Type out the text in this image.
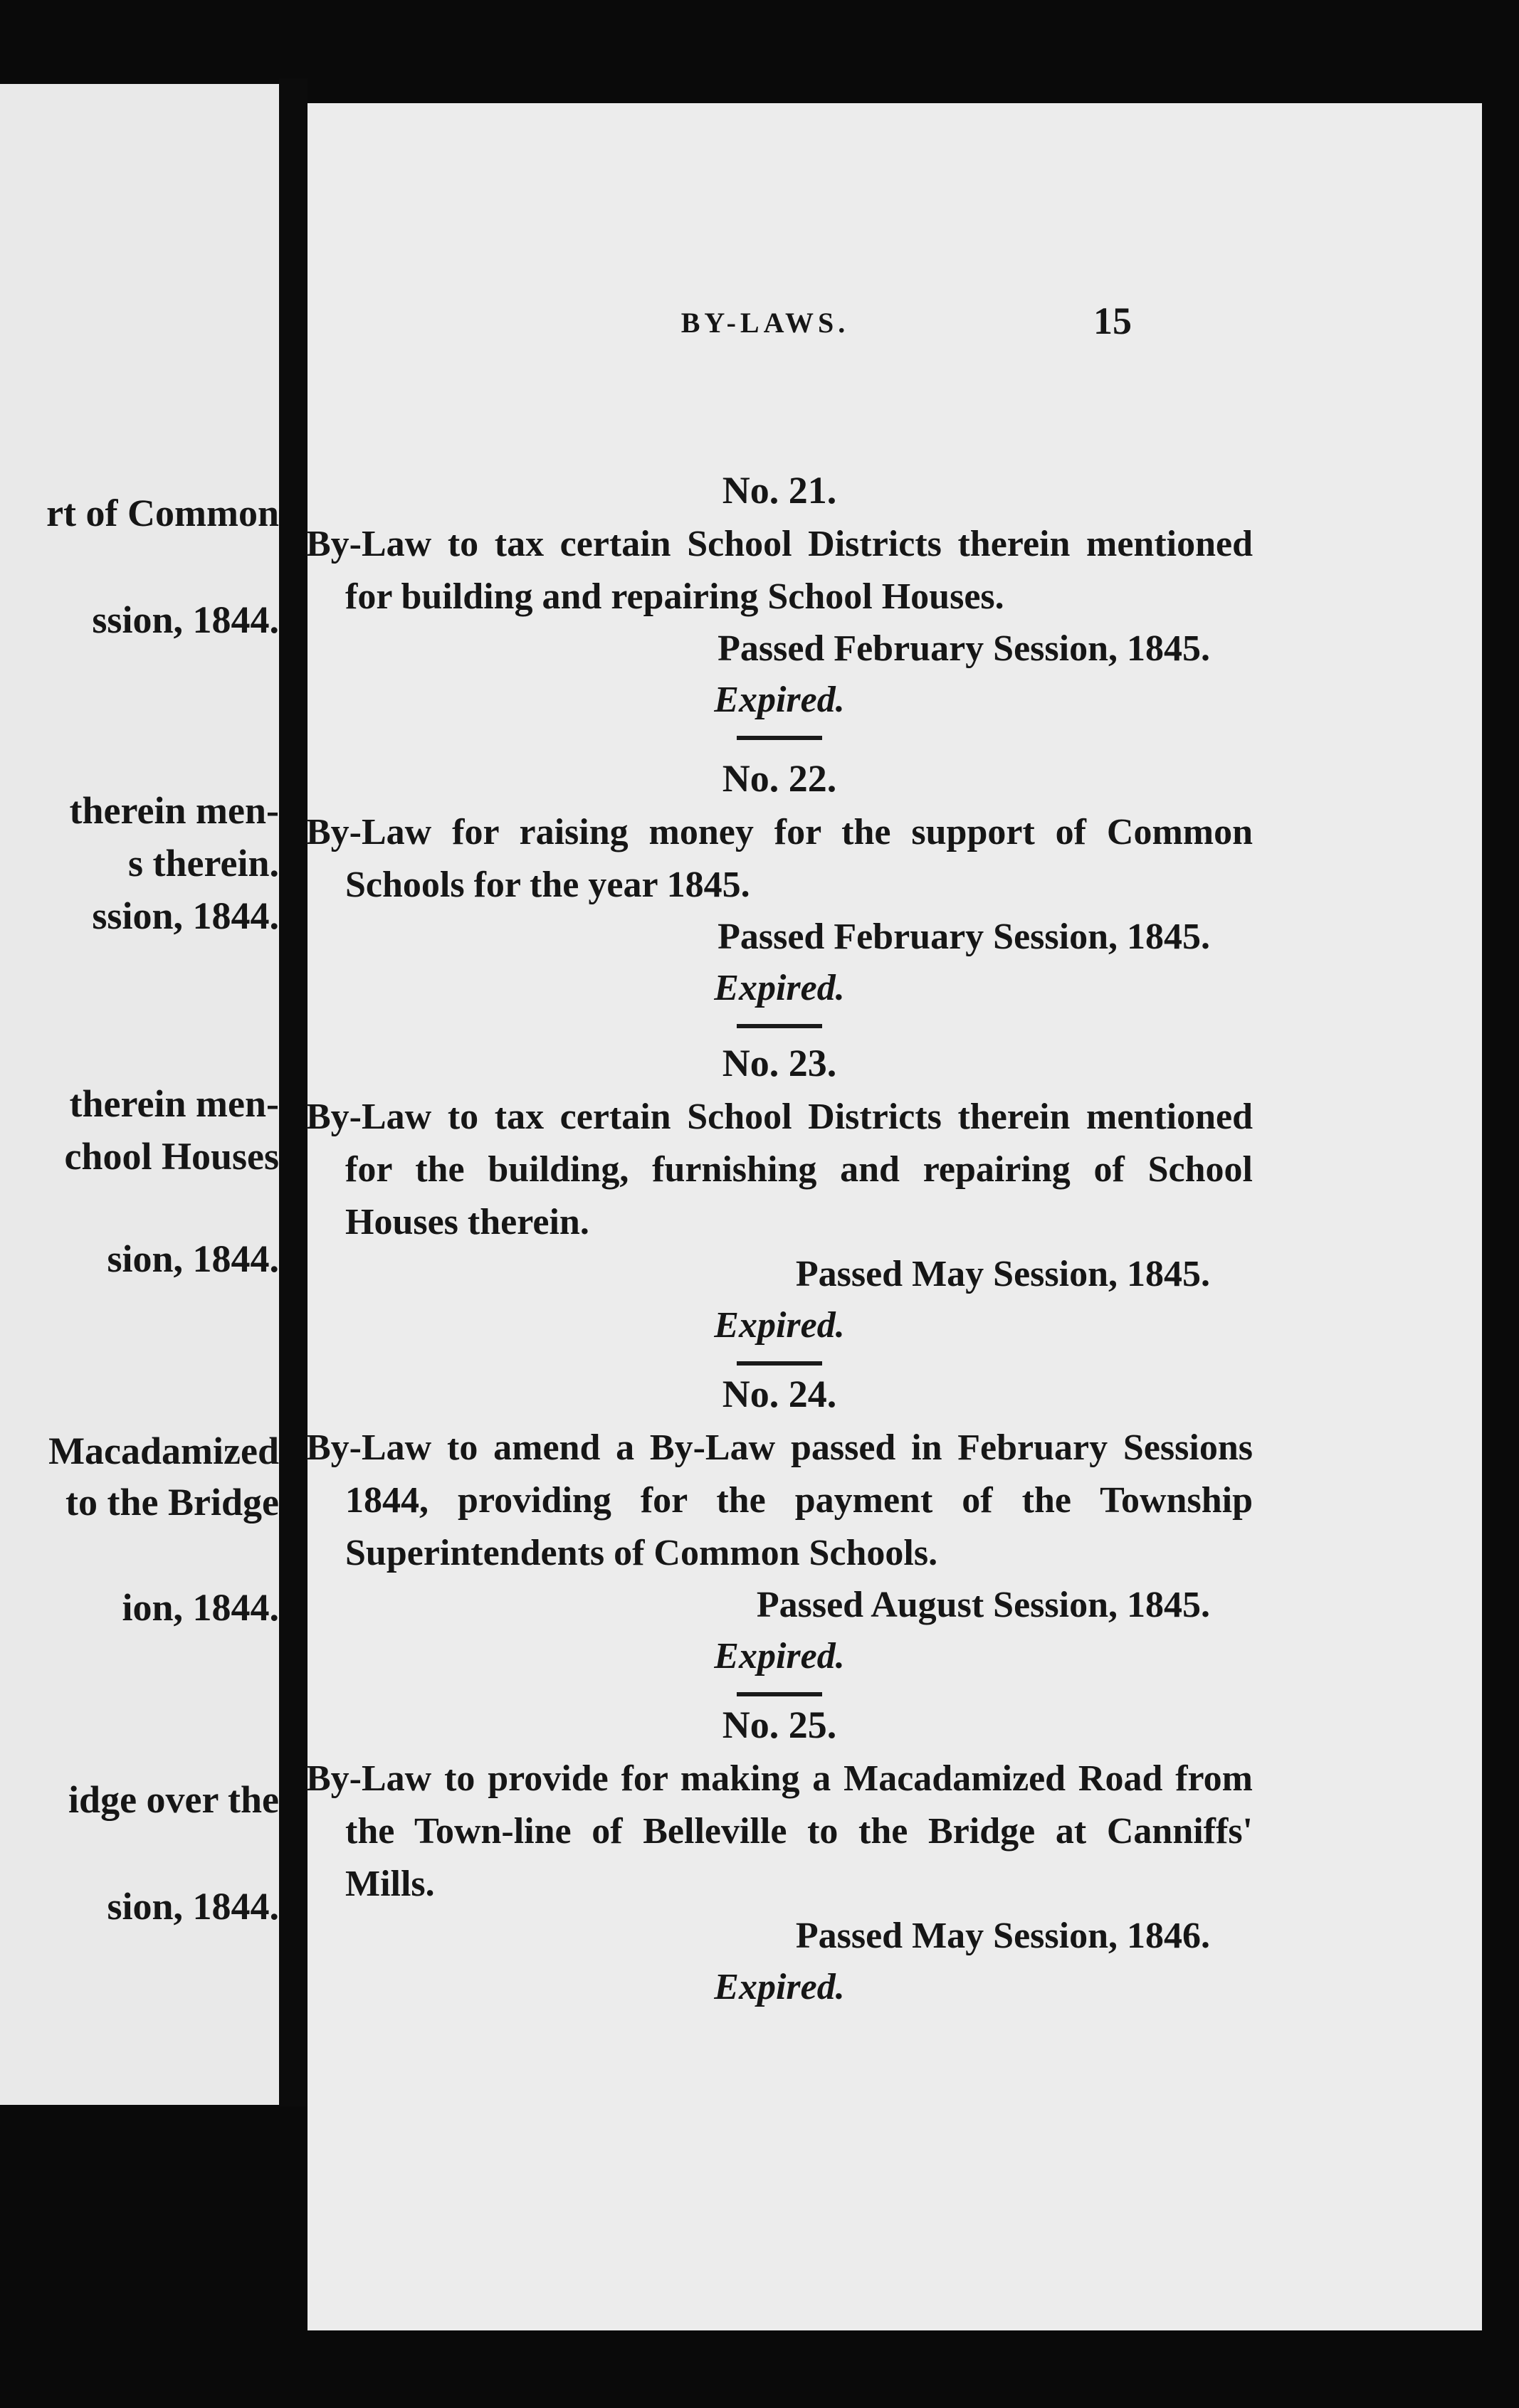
rt of Common
ssion, 1844.
therein men-
s therein.
ssion, 1844.
therein men-
chool Houses
sion, 1844.
Macadamized
to the Bridge
ion, 1844.
idge over the
sion, 1844.
BY-LAWS.	15
No. 21.
By-Law to tax certain School Districts therein mentioned for building and repairing School Houses.
Passed February Session, 1845.
Expired.
No. 22.
By-Law for raising money for the support of Common Schools for the year 1845.
Passed February Session, 1845.
Expired.
No. 23.
By-Law to tax certain School Districts therein mentioned for the building, furnishing and repairing of School Houses therein.
Passed May Session, 1845.
Expired.
No. 24.
By-Law to amend a By-Law passed in February Sessions 1844, providing for the payment of the Township Superintendents of Common Schools.
Passed August Session, 1845.
Expired.
No. 25.
By-Law to provide for making a Macadamized Road from the Town-line of Belleville to the Bridge at Canniffs' Mills.
Passed May Session, 1846.
Expired.
